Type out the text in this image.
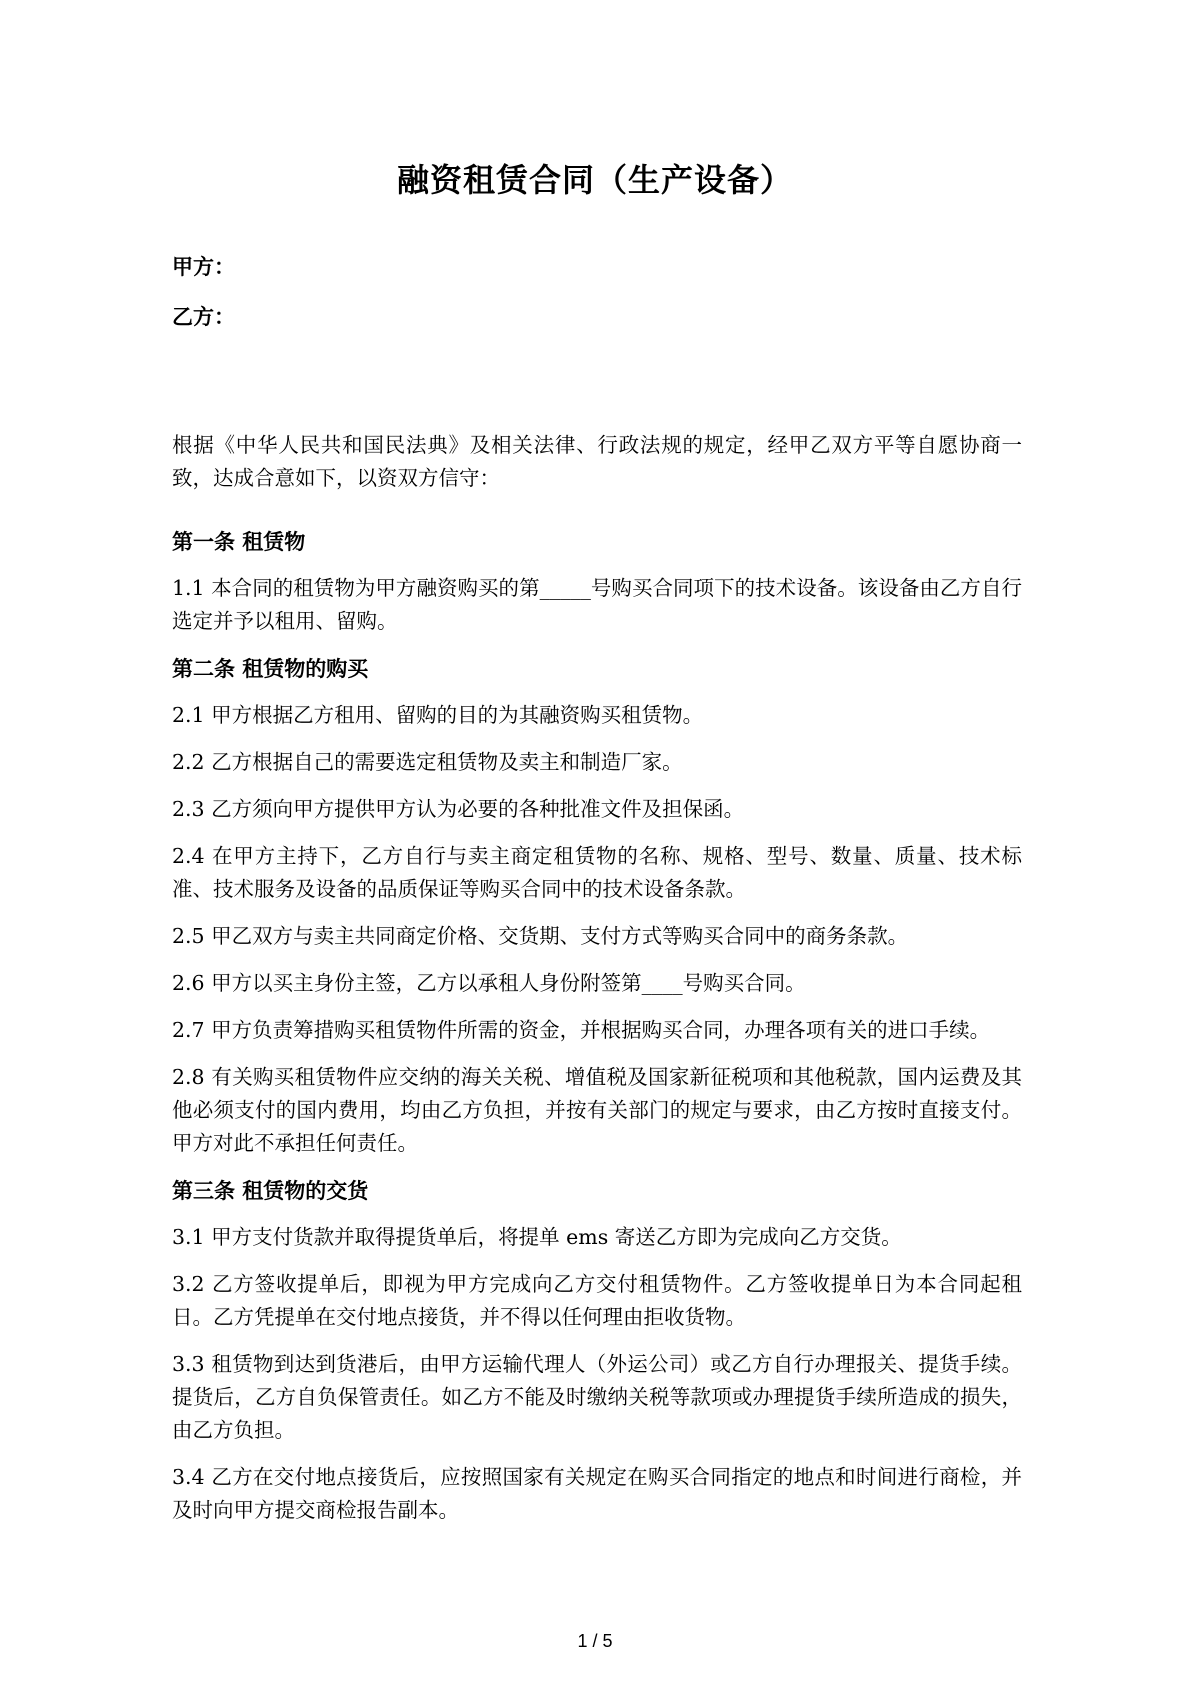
融资租赁合同（生产设备）
甲方：
乙方：

根据《中华人民共和国民法典》及相关法律、行政法规的规定，经甲乙双方平等自愿协商一致，达成合意如下，以资双方信守：

第一条 租赁物

1.1 本合同的租赁物为甲方融资购买的第_____号购买合同项下的技术设备。该设备由乙方自行选定并予以租用、留购。

第二条 租赁物的购买

2.1 甲方根据乙方租用、留购的目的为其融资购买租赁物。

2.2 乙方根据自己的需要选定租赁物及卖主和制造厂家。

2.3 乙方须向甲方提供甲方认为必要的各种批准文件及担保函。

2.4 在甲方主持下，乙方自行与卖主商定租赁物的名称、规格、型号、数量、质量、技术标准、技术服务及设备的品质保证等购买合同中的技术设备条款。

2.5 甲乙双方与卖主共同商定价格、交货期、支付方式等购买合同中的商务条款。

2.6 甲方以买主身份主签，乙方以承租人身份附签第____号购买合同。

2.7 甲方负责筹措购买租赁物件所需的资金，并根据购买合同，办理各项有关的进口手续。

2.8 有关购买租赁物件应交纳的海关关税、增值税及国家新征税项和其他税款，国内运费及其他必须支付的国内费用，均由乙方负担，并按有关部门的规定与要求，由乙方按时直接支付。甲方对此不承担任何责任。

第三条 租赁物的交货

3.1 甲方支付货款并取得提货单后，将提单 ems 寄送乙方即为完成向乙方交货。

3.2 乙方签收提单后，即视为甲方完成向乙方交付租赁物件。乙方签收提单日为本合同起租日。乙方凭提单在交付地点接货，并不得以任何理由拒收货物。

3.3 租赁物到达到货港后，由甲方运输代理人（外运公司）或乙方自行办理报关、提货手续。提货后，乙方自负保管责任。如乙方不能及时缴纳关税等款项或办理提货手续所造成的损失，由乙方负担。

3.4 乙方在交付地点接货后，应按照国家有关规定在购买合同指定的地点和时间进行商检，并及时向甲方提交商检报告副本。

1 / 5
